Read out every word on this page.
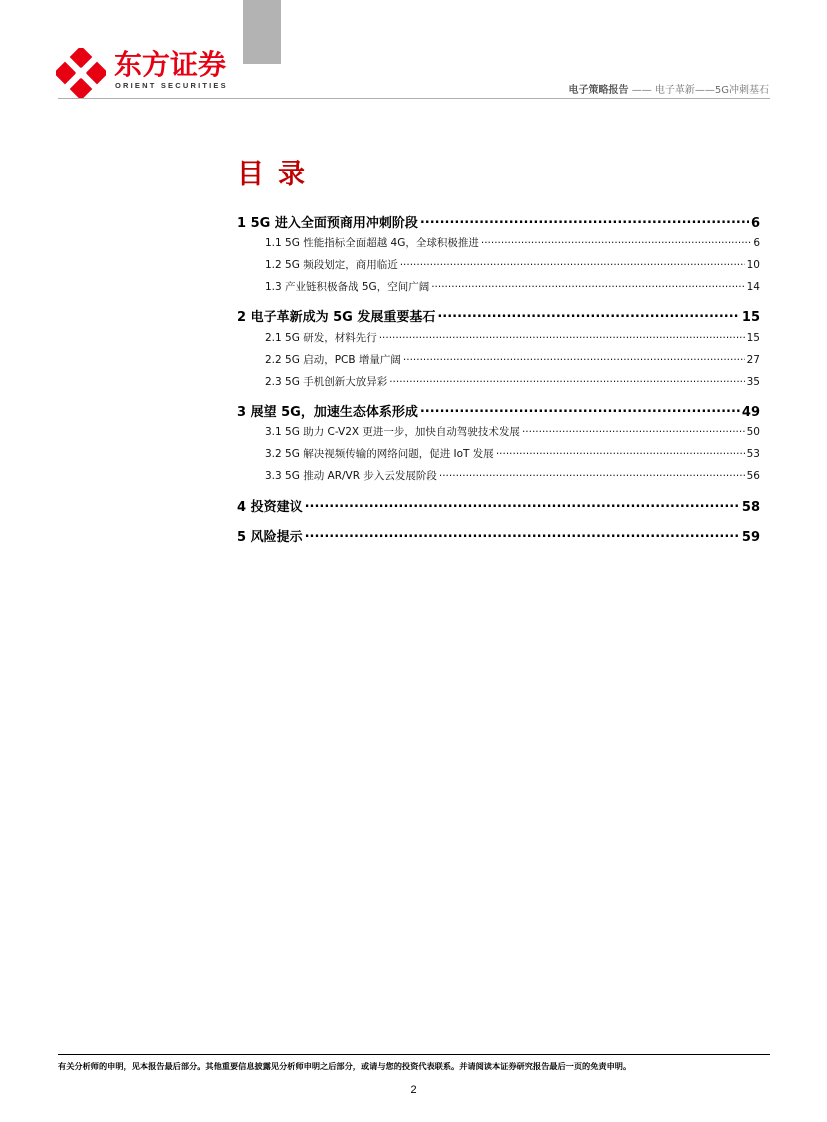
东方证券
ORIENT SECURITIES	电子策略报告 —— 电子革新——5G冲刺基石
目录
1 5G 进入全面预商用冲刺阶段 .....	6
1.1 5G 性能指标全面超越 4G，全球积极推进 .....	6
1.2 5G 频段划定，商用临近 .....	10
1.3 产业链积极备战 5G，空间广阔 .....	14
2 电子革新成为 5G 发展重要基石 .....	15
2.1 5G 研发，材料先行 .....	15
2.2 5G 启动，PCB 增量广阔 .....	27
2.3 5G 手机创新大放异彩 .....	35
3 展望 5G，加速生态体系形成 .....	49
3.1 5G 助力 C-V2X 更进一步，加快自动驾驶技术发展 .....	50
3.2 5G 解决视频传输的网络问题，促进 IoT 发展 .....	53
3.3 5G 推动 AR/VR 步入云发展阶段 .....	56
4 投资建议 .....	58
5 风险提示 .....	59
有关分析师的申明，见本报告最后部分。其他重要信息披露见分析师申明之后部分，或请与您的投资代表联系。并请阅读本证券研究报告最后一页的免责申明。
2
